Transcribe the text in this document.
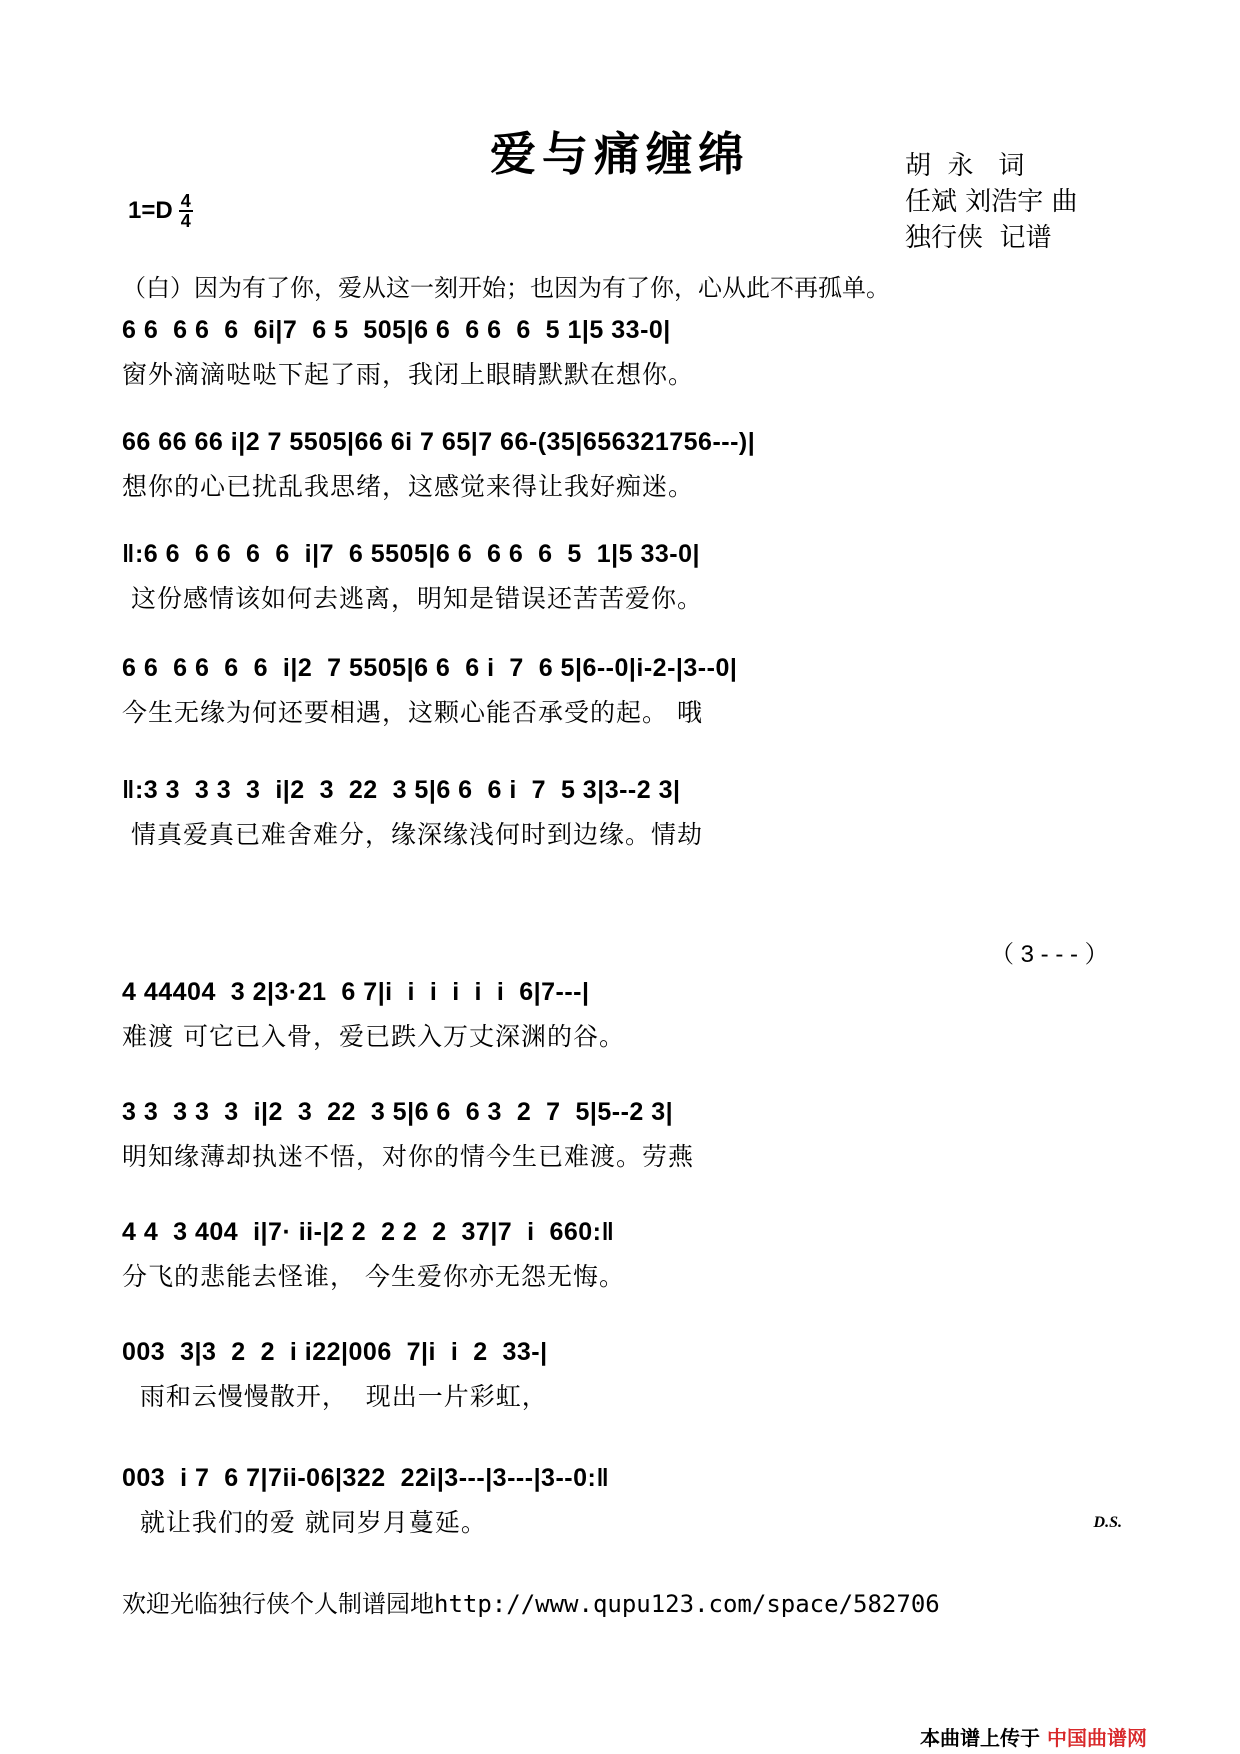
爱与痛缠绵
1=D 4
4
胡  永   词
任斌 刘浩宇 曲
独行侠  记谱
（白）因为有了你，爱从这一刻开始；也因为有了你，心从此不再孤单。
6 6  6 6  6  6i|7  6 5  505|6 6  6 6  6  5 1|5 33-0|
窗外滴滴哒哒下起了雨，我闭上眼睛默默在想你。
66 66 66 i|2 7 5505|66 6i 7 65|7 66-(35|656321756---)|
想你的心已扰乱我思绪，这感觉来得让我好痴迷。
‖:6 6  6 6  6  6  i|7  6 5505|6 6  6 6  6  5  1|5 33-0|
这份感情该如何去逃离，明知是错误还苦苦爱你。
6 6  6 6  6  6  i|2  7 5505|6 6  6 i  7  6 5|6--0|i-2-|3--0|
今生无缘为何还要相遇，这颗心能否承受的起。 哦
‖:3 3  3 3  3  i|2  3  22  3 5|6 6  6 i  7  5 3|3--2 3|
情真爱真已难舍难分，缘深缘浅何时到边缘。情劫
（ 3 - - - ）
4 44404  3 2|3·21  6 7|i  i  i  i  i  i  6|7---|
难渡 可它已入骨，爱已跌入万丈深渊的谷。
3 3  3 3  3  i|2  3  22  3 5|6 6  6 3  2  7  5|5--2 3|
明知缘薄却执迷不悟，对你的情今生已难渡。劳燕
4 4  3 404  i|7· ii-|2 2  2 2  2  37|7  i  660:‖
分飞的悲能去怪谁， 今生爱你亦无怨无悔。
003  3|3  2  2  i i22|006  7|i  i  2  33-|
雨和云慢慢散开，  现出一片彩虹，
003  i 7  6 7|7ii-06|322  22i|3---|3---|3--0:‖
就让我们的爱 就同岁月蔓延。	D.S.
欢迎光临独行侠个人制谱园地http://www.qupu123.com/space/582706
本曲谱上传于 中国曲谱网
